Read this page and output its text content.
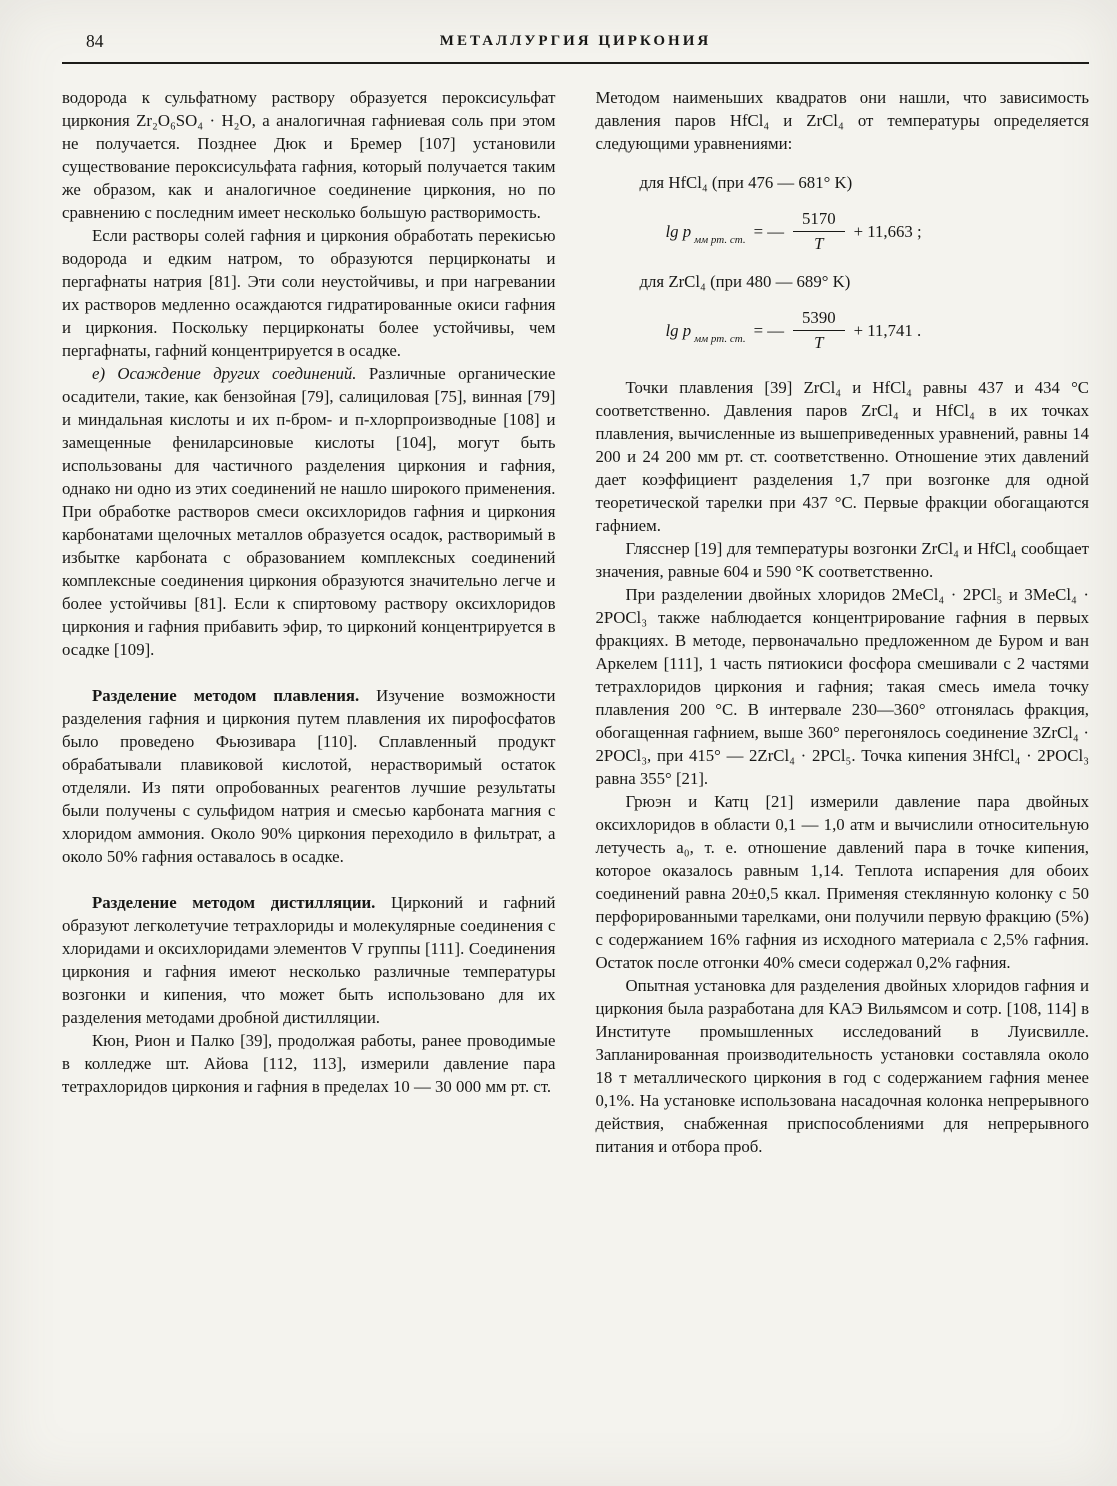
84	МЕТАЛЛУРГИЯ ЦИРКОНИЯ

водорода к сульфатному раствору образуется пероксисульфат циркония Zr₂O₆SO₄ · H₂O, а аналогичная гафниевая соль при этом не получается. Позднее Дюк и Бремер [107] установили существование пероксисульфата гафния, который получается таким же образом, как и аналогичное соединение циркония, но по сравнению с последним имеет несколько большую растворимость.

Если растворы солей гафния и циркония обработать перекисью водорода и едким натром, то образуются перцирконаты и пергафнаты натрия [81]. Эти соли неустойчивы, и при нагревании их растворов медленно осаждаются гидратированные окиси гафния и циркония. Поскольку перцирконаты более устойчивы, чем пергафнаты, гафний концентрируется в осадке.

е) Осаждение других соединений. Различные органические осадители, такие, как бензойная [79], салициловая [75], винная [79] и миндальная кислоты и их п-бром- и п-хлорпроизводные [108] и замещенные фениларсиновые кислоты [104], могут быть использованы для частичного разделения циркония и гафния, однако ни одно из этих соединений не нашло широкого применения. При обработке растворов смеси оксихлоридов гафния и циркония карбонатами щелочных металлов образуется осадок, растворимый в избытке карбоната с образованием комплексных соединений комплексные соединения циркония образуются значительно легче и более устойчивы [81]. Если к спиртовому раствору оксихлоридов циркония и гафния прибавить эфир, то цирконий концентрируется в осадке [109].

Разделение методом плавления. Изучение возможности разделения гафния и циркония путем плавления их пирофосфатов было проведено Фьюзивара [110]. Сплавленный продукт обрабатывали плавиковой кислотой, нерастворимый остаток отделяли. Из пяти опробованных реагентов лучшие результаты были получены с сульфидом натрия и смесью карбоната магния с хлоридом аммония. Около 90% циркония переходило в фильтрат, а около 50% гафния оставалось в осадке.

Разделение методом дистилляции. Цирконий и гафний образуют легколетучие тетрахлориды и молекулярные соединения с хлоридами и оксихлоридами элементов V группы [111]. Соединения циркония и гафния имеют несколько различные температуры возгонки и кипения, что может быть использовано для их разделения методами дробной дистилляции.

Кюн, Рион и Палко [39], продолжая работы, ранее проводимые в колледже шт. Айова [112, 113], измерили давление пара тетрахлоридов циркония и гафния в пределах 10 — 30 000 мм рт. ст.

Методом наименьших квадратов они нашли, что зависимость давления паров HfCl₄ и ZrCl₄ от температуры определяется следующими уравнениями:

для HfCl₄ (при 476 — 681° K)
lg p мм рт. ст. = — $\frac{5170}{T} + 11,663$ ;
для ZrCl₄ (при 480 — 689° K)
lg p мм рт. ст. = — $\frac{5390}{T} + 11,741$ .

Точки плавления [39] ZrCl₄ и HfCl₄ равны 437 и 434 °C соответственно. Давления паров ZrCl₄ и HfCl₄ в их точках плавления, вычисленные из вышеприведенных уравнений, равны 14 200 и 24 200 мм рт. ст. соответственно. Отношение этих давлений дает коэффициент разделения 1,7 при возгонке для одной теоретической тарелки при 437 °C. Первые фракции обогащаются гафнием.

Глясснер [19] для температуры возгонки ZrCl₄ и HfCl₄ сообщает значения, равные 604 и 590 °K соответственно.

При разделении двойных хлоридов 2MeCl₄ · 2PCl₅ и 3MeCl₄ · 2POCl₃ также наблюдается концентрирование гафния в первых фракциях. В методе, первоначально предложенном де Буром и ван Аркелем [111], 1 часть пятиокиси фосфора смешивали с 2 частями тетрахлоридов циркония и гафния; такая смесь имела точку плавления 200 °C. В интервале 230—360° отгонялась фракция, обогащенная гафнием, выше 360° перегонялось соединение 3ZrCl₄ · 2POCl₃, при 415° — 2ZrCl₄ · 2PCl₅. Точка кипения 3HfCl₄ · 2POCl₃ равна 355° [21].

Грюэн и Катц [21] измерили давление пара двойных оксихлоридов в области 0,1 — 1,0 атм и вычислили относительную летучесть a₀, т. е. отношение давлений пара в точке кипения, которое оказалось равным 1,14. Теплота испарения для обоих соединений равна 20±0,5 ккал. Применяя стеклянную колонку с 50 перфорированными тарелками, они получили первую фракцию (5%) с содержанием 16% гафния из исходного материала с 2,5% гафния. Остаток после отгонки 40% смеси содержал 0,2% гафния.

Опытная установка для разделения двойных хлоридов гафния и циркония была разработана для КАЭ Вильямсом и сотр. [108, 114] в Институте промышленных исследований в Луисвилле. Запланированная производительность установки составляла около 18 т металлического циркония в год с содержанием гафния менее 0,1%. На установке использована насадочная колонка непрерывного действия, снабженная приспособлениями для непрерывного питания и отбора проб.
